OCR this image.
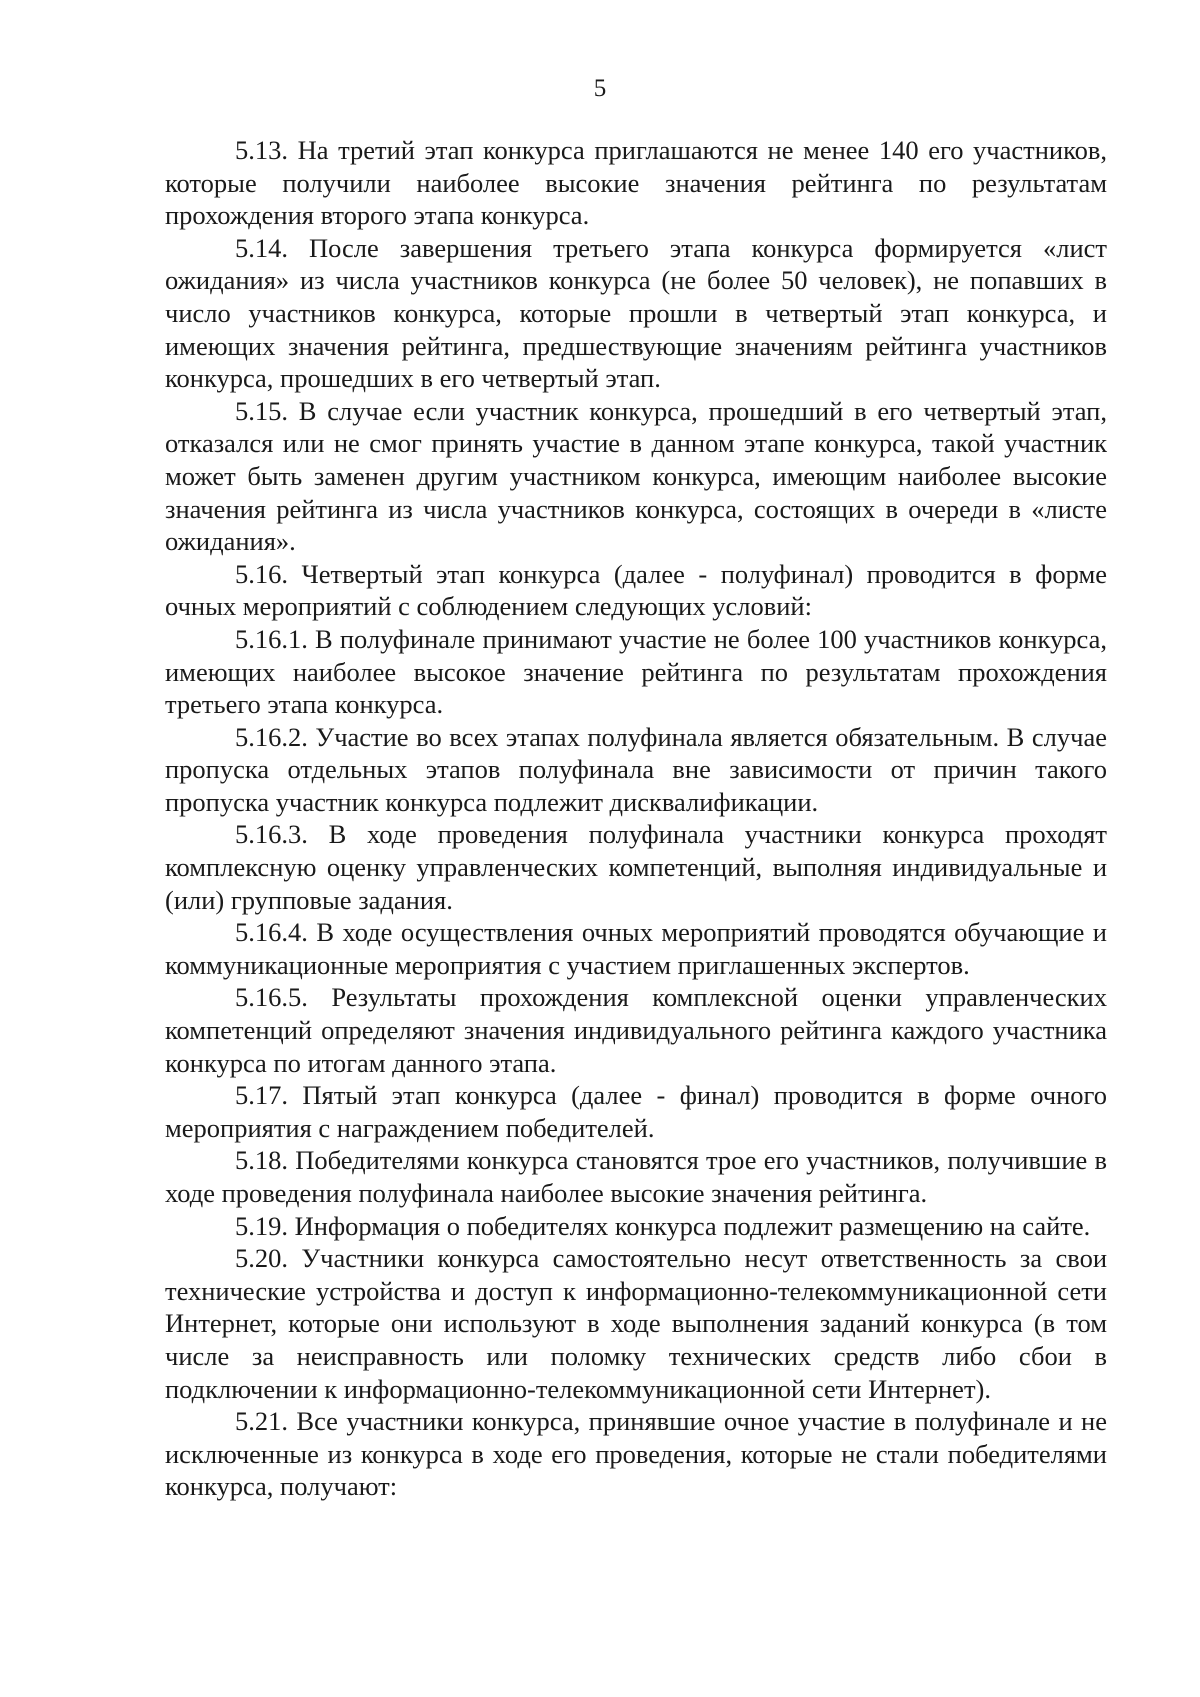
5

5.13. На третий этап конкурса приглашаются не менее 140 его участников, которые получили наиболее высокие значения рейтинга по результатам прохождения второго этапа конкурса.

5.14. После завершения третьего этапа конкурса формируется «лист ожидания» из числа участников конкурса (не более 50 человек), не попавших в число участников конкурса, которые прошли в четвертый этап конкурса, и имеющих значения рейтинга, предшествующие значениям рейтинга участников конкурса, прошедших в его четвертый этап.

5.15. В случае если участник конкурса, прошедший в его четвертый этап, отказался или не смог принять участие в данном этапе конкурса, такой участник может быть заменен другим участником конкурса, имеющим наиболее высокие значения рейтинга из числа участников конкурса, состоящих в очереди в «листе ожидания».

5.16. Четвертый этап конкурса (далее - полуфинал) проводится в форме очных мероприятий с соблюдением следующих условий:

5.16.1. В полуфинале принимают участие не более 100 участников конкурса, имеющих наиболее высокое значение рейтинга по результатам прохождения третьего этапа конкурса.

5.16.2. Участие во всех этапах полуфинала является обязательным. В случае пропуска отдельных этапов полуфинала вне зависимости от причин такого пропуска участник конкурса подлежит дисквалификации.

5.16.3. В ходе проведения полуфинала участники конкурса проходят комплексную оценку управленческих компетенций, выполняя индивидуальные и (или) групповые задания.

5.16.4. В ходе осуществления очных мероприятий проводятся обучающие и коммуникационные мероприятия с участием приглашенных экспертов.

5.16.5. Результаты прохождения комплексной оценки управленческих компетенций определяют значения индивидуального рейтинга каждого участника конкурса по итогам данного этапа.

5.17. Пятый этап конкурса (далее - финал) проводится в форме очного мероприятия с награждением победителей.

5.18. Победителями конкурса становятся трое его участников, получившие в ходе проведения полуфинала наиболее высокие значения рейтинга.

5.19. Информация о победителях конкурса подлежит размещению на сайте.

5.20. Участники конкурса самостоятельно несут ответственность за свои технические устройства и доступ к информационно-телекоммуникационной сети Интернет, которые они используют в ходе выполнения заданий конкурса (в том числе за неисправность или поломку технических средств либо сбои в подключении к информационно-телекоммуникационной сети Интернет).

5.21. Все участники конкурса, принявшие очное участие в полуфинале и не исключенные из конкурса в ходе его проведения, которые не стали победителями конкурса, получают:
